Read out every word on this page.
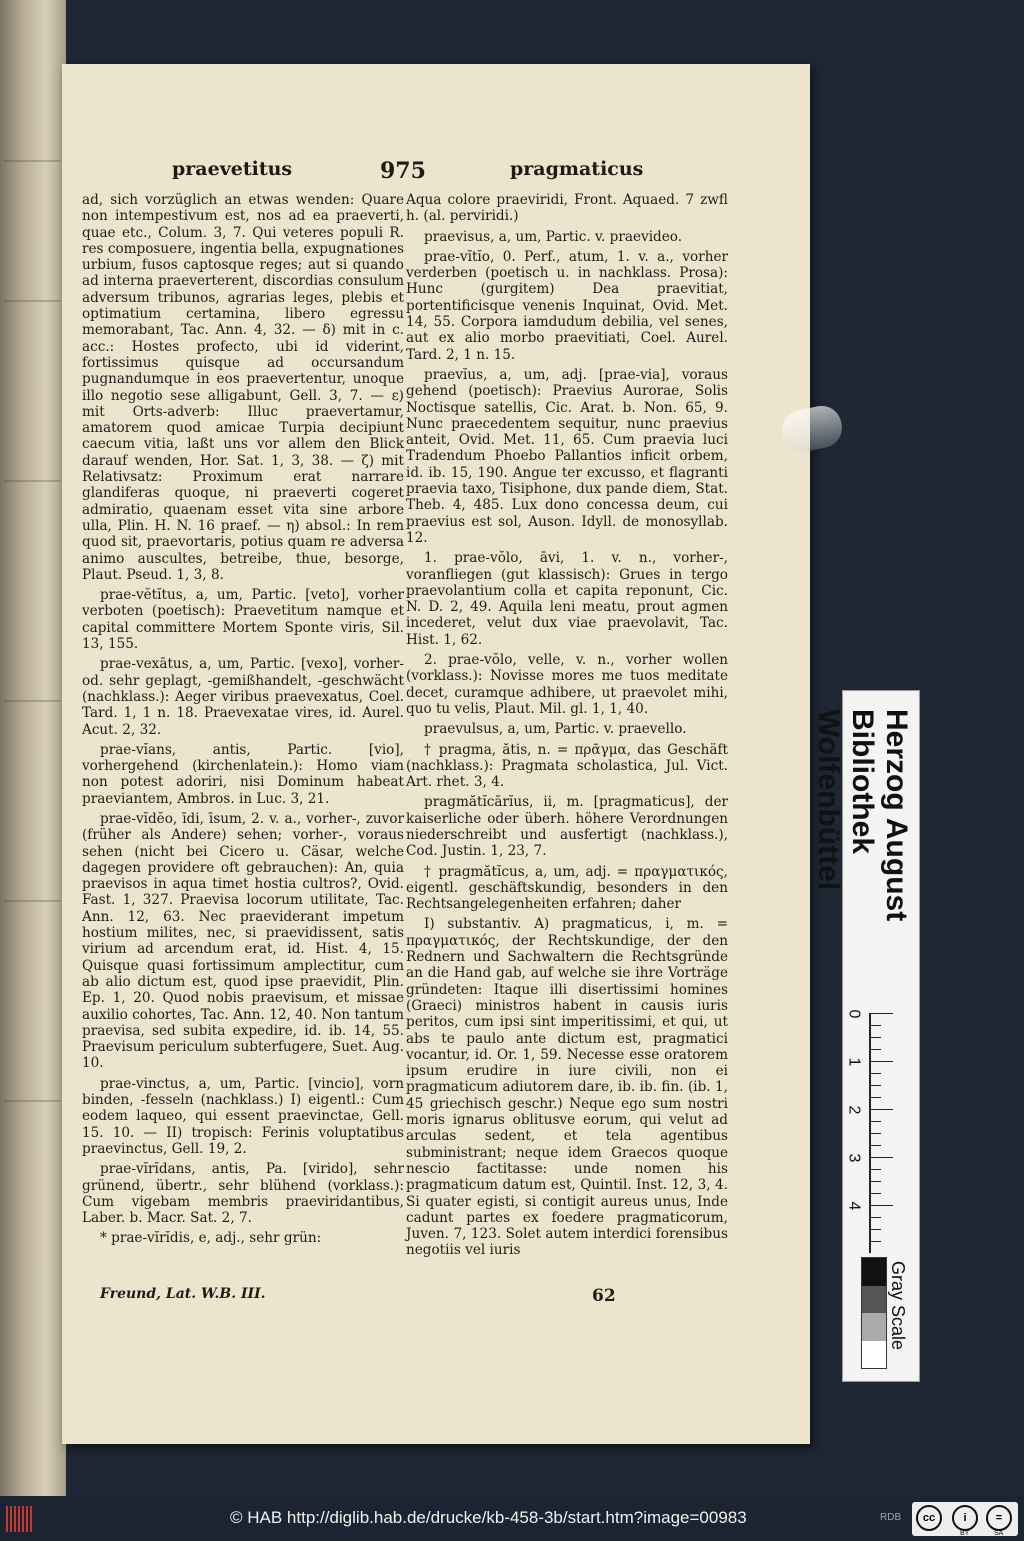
praevetitus	975	pragmaticus

ad, sich vorzüglich an etwas wenden: Quare non intempestivum est, nos ad ea praeverti, quae etc., Colum. 3, 7. Qui veteres populi R. res composuere, ingentia bella, expugnationes urbium, fusos captosque reges; aut si quando ad interna praeverterent, discordias consulum adversum tribunos, agrarias leges, plebis et optimatium certamina, libero egressu memorabant, Tac. Ann. 4, 32. — δ) mit in c. acc.: Hostes profecto, ubi id viderint, fortissimus quisque ad occursandum pugnandumque in eos praevertentur, unoque illo negotio sese alligabunt, Gell. 3, 7. — ε) mit Orts-adverb: Illuc praevertamur, amatorem quod amicae Turpia decipiunt caecum vitia, laßt uns vor allem den Blick darauf wenden, Hor. Sat. 1, 3, 38. — ζ) mit Relativsatz: Proximum erat narrare glandiferas quoque, ni praeverti cogeret admiratio, quaenam esset vita sine arbore ulla, Plin. H. N. 16 praef. — η) absol.: In rem quod sit, praevortaris, potius quam re adversa animo auscultes, betreibe, thue, besorge, Plaut. Pseud. 1, 3, 8.

prae-vĕtĭtus, a, um, Partic. [veto], vorher verboten (poetisch): Praevetitum namque et capital committere Mortem Sponte viris, Sil. 13, 155.

prae-vexātus, a, um, Partic. [vexo], vorher- od. sehr geplagt, -gemißhandelt, -geschwächt (nachklass.): Aeger viribus praevexatus, Coel. Tard. 1, 1 n. 18. Praevexatae vires, id. Aurel. Acut. 2, 32.

prae-vĭans, antis, Partic. [vio], vorhergehend (kirchenlatein.): Homo viam non potest adoriri, nisi Dominum habeat praeviantem, Ambros. in Luc. 3, 21.

prae-vĭdĕo, īdi, īsum, 2. v. a., vorher-, zuvor (früher als Andere) sehen; vorher-, voraus sehen (nicht bei Cicero u. Cäsar, welche dagegen providere oft gebrauchen): An, quia praevisos in aqua timet hostia cultros?, Ovid. Fast. 1, 327. Praevisa locorum utilitate, Tac. Ann. 12, 63. Nec praeviderant impetum hostium milites, nec, si praevidissent, satis virium ad arcendum erat, id. Hist. 4, 15. Quisque quasi fortissimum amplectitur, cum ab alio dictum est, quod ipse praevidit, Plin. Ep. 1, 20. Quod nobis praevisum, et missae auxilio cohortes, Tac. Ann. 12, 40. Non tantum praevisa, sed subita expedire, id. ib. 14, 55. Praevisum periculum subterfugere, Suet. Aug. 10.

prae-vinctus, a, um, Partic. [vincio], vorn binden, -fesseln (nachklass.) I) eigentl.: Cum eodem laqueo, qui essent praevinctae, Gell. 15. 10. — II) tropisch: Ferinis voluptatibus praevinctus, Gell. 19, 2.

prae-vĭrĭdans, antis, Pa. [virido], sehr grünend, übertr., sehr blühend (vorklass.): Cum vigebam membris praeviridantibus, Laber. b. Macr. Sat. 2, 7.

* prae-vĭrĭdis, e, adj., sehr grün:

Aqua colore praeviridi, Front. Aquaed. 7 zwfl h. (al. perviridi.)

praevisus, a, um, Partic. v. praevideo.

prae-vĭtĭo, 0. Perf., atum, 1. v. a., vorher verderben (poetisch u. in nachklass. Prosa): Hunc (gurgitem) Dea praevitiat, portentificisque venenis Inquinat, Ovid. Met. 14, 55. Corpora iamdudum debilia, vel senes, aut ex alio morbo praevitiati, Coel. Aurel. Tard. 2, 1 n. 15.

praevĭus, a, um, adj. [prae-via], voraus gehend (poetisch): Praevius Aurorae, Solis Noctisque satellis, Cic. Arat. b. Non. 65, 9. Nunc praecedentem sequitur, nunc praevius anteit, Ovid. Met. 11, 65. Cum praevia luci Tradendum Phoebo Pallantios inficit orbem, id. ib. 15, 190. Angue ter excusso, et flagranti praevia taxo, Tisiphone, dux pande diem, Stat. Theb. 4, 485. Lux dono concessa deum, cui praevius est sol, Auson. Idyll. de monosyllab. 12.

1. prae-vŏlo, āvi, 1. v. n., vorher-, voranfliegen (gut klassisch): Grues in tergo praevolantium colla et capita reponunt, Cic. N. D. 2, 49. Aquila leni meatu, prout agmen incederet, velut dux viae praevolavit, Tac. Hist. 1, 62.

2. prae-vŏlo, velle, v. n., vorher wollen (vorklass.): Novisse mores me tuos meditate decet, curamque adhibere, ut praevolet mihi, quo tu velis, Plaut. Mil. gl. 1, 1, 40.

praevulsus, a, um, Partic. v. praevello.

† pragma, ătis, n. = πρᾶγμα, das Geschäft (nachklass.): Pragmata scholastica, Jul. Vict. Art. rhet. 3, 4.

pragmătĭcārĭus, ii, m. [pragmaticus], der kaiserliche oder überh. höhere Verordnungen niederschreibt und ausfertigt (nachklass.), Cod. Justin. 1, 23, 7.

† pragmătĭcus, a, um, adj. = πραγματικός, eigentl. geschäftskundig, besonders in den Rechtsangelegenheiten erfahren; daher

I) substantiv. A) pragmaticus, i, m. = πραγματικός, der Rechtskundige, der den Rednern und Sachwaltern die Rechtsgründe an die Hand gab, auf welche sie ihre Vorträge gründeten: Itaque illi disertissimi homines (Graeci) ministros habent in causis iuris peritos, cum ipsi sint imperitissimi, et qui, ut abs te paulo ante dictum est, pragmatici vocantur, id. Or. 1, 59. Necesse esse oratorem ipsum erudire in iure civili, non ei pragmaticum adiutorem dare, ib. ib. fin. (ib. 1, 45 griechisch geschr.) Neque ego sum nostri moris ignarus oblitusve eorum, qui velut ad arculas sedent, et tela agentibus subministrant; neque idem Graecos quoque nescio factitasse: unde nomen his pragmaticum datum est, Quintil. Inst. 12, 3, 4. Si quater egisti, si contigit aureus unus, Inde cadunt partes ex foedere pragmaticorum, Juven. 7, 123. Solet autem interdici forensibus negotiis vel iuris

Freund, Lat. W.B. III.	62
Herzog August Bibliothek Wolfenbüttel
0
1
2
3
4
Gray Scale
© HAB http://diglib.hab.de/drucke/kb-458-3b/start.htm?image=00983	RDB	cc	i	=
BY	SA
